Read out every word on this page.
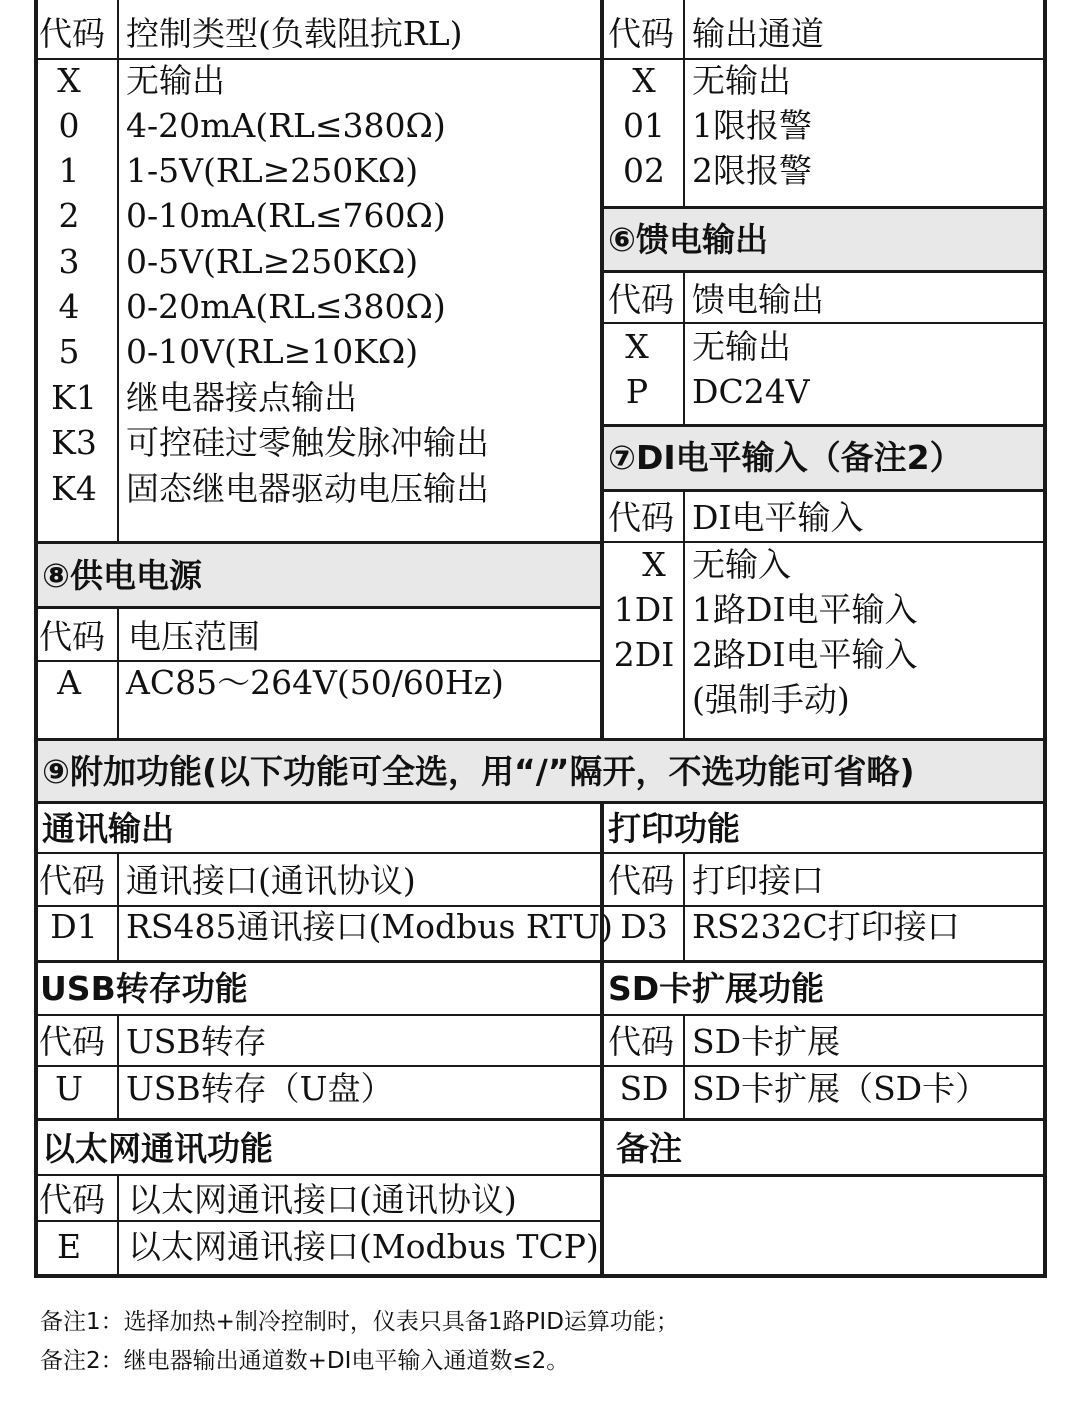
代码 控制类型(负载阻抗RL)
X	无输出
0	4-20mA(RL≤380Ω)
1	1-5V(RL≥250KΩ)
2	0-10mA(RL≤760Ω)
3	0-5V(RL≥250KΩ)
4	0-20mA(RL≤380Ω)
5	0-10V(RL≥10KΩ)
K1 继电器接点输出
K3 可控硅过零触发脉冲输出
K4 固态继电器驱动电压输出
代码 输出通道
X	无输出
01 1限报警
02 2限报警
⑥馈电输出
代码 馈电输出
X	无输出
P	DC24V
⑦DI电平输入（备注2）
代码 DI电平输入
X 无输入
1DI 1路DI电平输入
2DI 2路DI电平输入
(强制手动)
⑧供电电源
代码 电压范围
A	AC85～264V(50/60Hz)
⑨附加功能(以下功能可全选，用“/”隔开，不选功能可省略)
通讯输出
代码 通讯接口(通讯协议)
D1 RS485通讯接口(Modbus RTU)
打印功能
代码 打印接口
D3 RS232C打印接口
USB转存功能
代码 USB转存
U	USB转存（U盘）
SD卡扩展功能
代码 SD卡扩展
SD SD卡扩展（SD卡）
以太网通讯功能
代码 以太网通讯接口(通讯协议)
E	以太网通讯接口(Modbus TCP)
备注
备注1：选择加热+制冷控制时，仪表只具备1路PID运算功能；
备注2：继电器输出通道数+DI电平输入通道数≤2。
